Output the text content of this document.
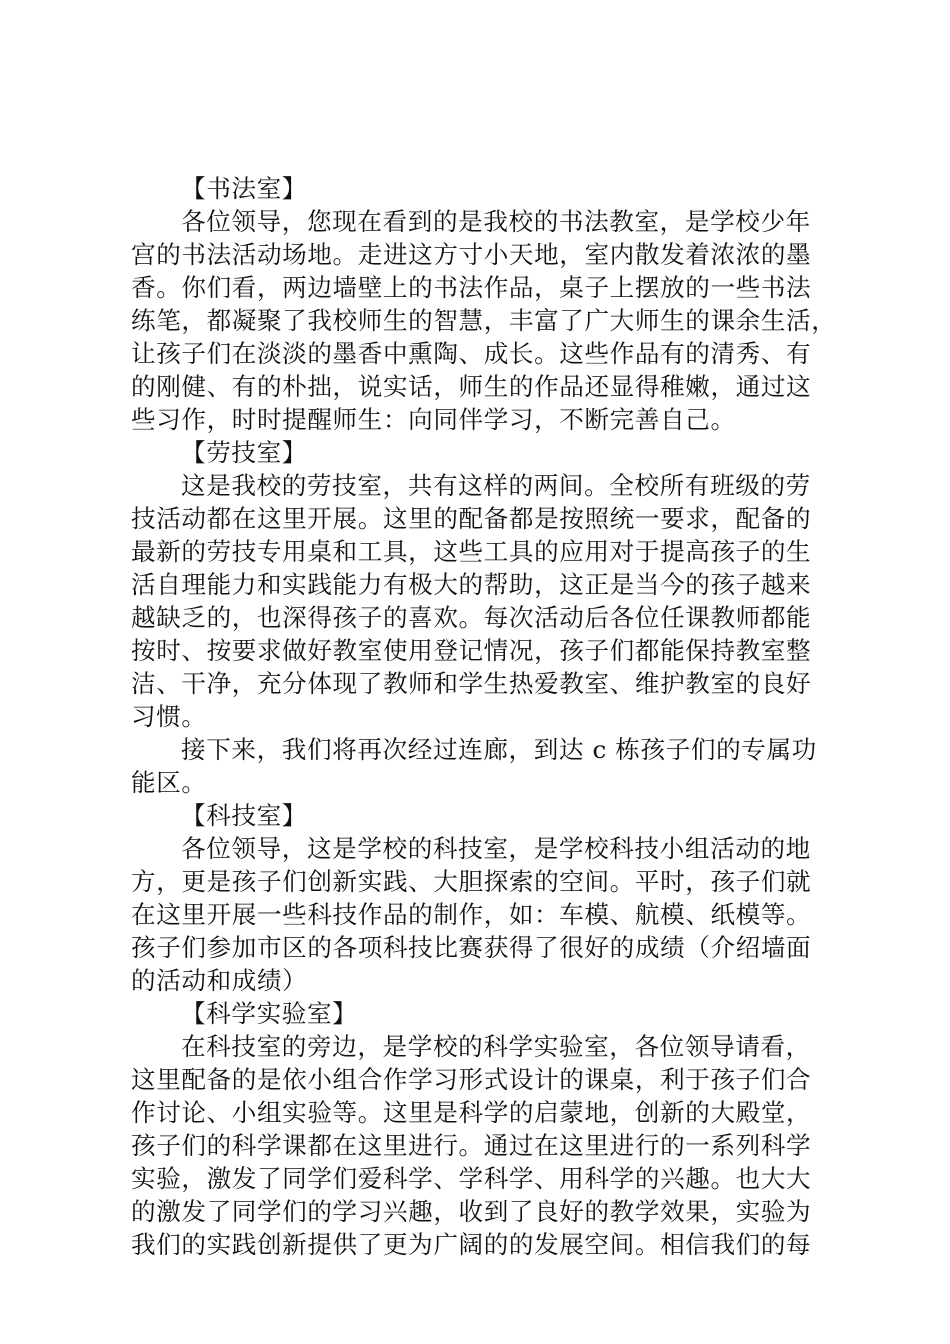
【书法室】
各位领导，您现在看到的是我校的书法教室，是学校少年
宫的书法活动场地。走进这方寸小天地，室内散发着浓浓的墨
香。你们看，两边墙壁上的书法作品，桌子上摆放的一些书法
练笔，都凝聚了我校师生的智慧，丰富了广大师生的课余生活，
让孩子们在淡淡的墨香中熏陶、成长。这些作品有的清秀、有
的刚健、有的朴拙，说实话，师生的作品还显得稚嫩，通过这
些习作，时时提醒师生：向同伴学习，不断完善自己。
【劳技室】
这是我校的劳技室，共有这样的两间。全校所有班级的劳
技活动都在这里开展。这里的配备都是按照统一要求，配备的
最新的劳技专用桌和工具，这些工具的应用对于提高孩子的生
活自理能力和实践能力有极大的帮助，这正是当今的孩子越来
越缺乏的，也深得孩子的喜欢。每次活动后各位任课教师都能
按时、按要求做好教室使用登记情况，孩子们都能保持教室整
洁、干净，充分体现了教师和学生热爱教室、维护教室的良好
习惯。
接下来，我们将再次经过连廊，到达 c 栋孩子们的专属功
能区。
【科技室】
各位领导，这是学校的科技室，是学校科技小组活动的地
方，更是孩子们创新实践、大胆探索的空间。平时，孩子们就
在这里开展一些科技作品的制作，如：车模、航模、纸模等。
孩子们参加市区的各项科技比赛获得了很好的成绩（介绍墙面
的活动和成绩）
【科学实验室】
在科技室的旁边，是学校的科学实验室，各位领导请看，
这里配备的是依小组合作学习形式设计的课桌，利于孩子们合
作讨论、小组实验等。这里是科学的启蒙地，创新的大殿堂，
孩子们的科学课都在这里进行。通过在这里进行的一系列科学
实验，激发了同学们爱科学、学科学、用科学的兴趣。也大大
的激发了同学们的学习兴趣，收到了良好的教学效果，实验为
我们的实践创新提供了更为广阔的的发展空间。相信我们的每
